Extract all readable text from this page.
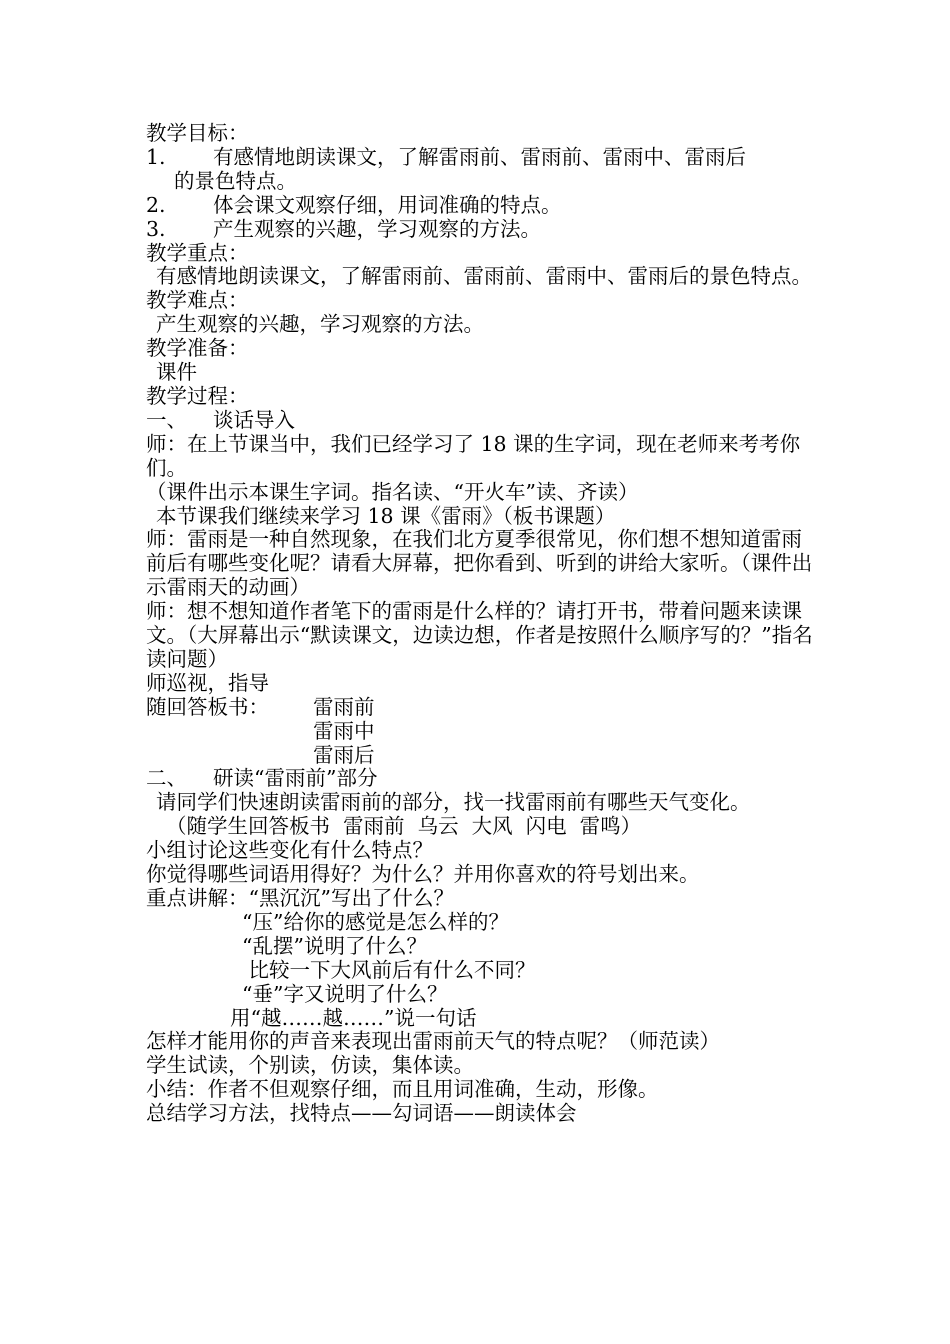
教学目标：
1. 有感情地朗读课文，了解雷雨前、雷雨前、雷雨中、雷雨后
的景色特点。
2. 体会课文观察仔细，用词准确的特点。
3. 产生观察的兴趣，学习观察的方法。
教学重点：
有感情地朗读课文，了解雷雨前、雷雨前、雷雨中、雷雨后的景色特点。
教学难点：
产生观察的兴趣，学习观察的方法。
教学准备：
课件
教学过程：
一、 谈话导入
师：在上节课当中，我们已经学习了 18 课的生字词，现在老师来考考你们。
（课件出示本课生字词。指名读、“开火车”读、齐读）
本节课我们继续来学习 18 课《雷雨》（板书课题）
师：雷雨是一种自然现象，在我们北方夏季很常见，你们想不想知道雷雨前后有哪些变化呢？请看大屏幕，把你看到、听到的讲给大家听。（课件出示雷雨天的动画）
师：想不想知道作者笔下的雷雨是什么样的？请打开书，带着问题来读课文。（大屏幕出示“默读课文，边读边想，作者是按照什么顺序写的？”指名读问题）
师巡视，指导
随回答板书： 雷雨前
雷雨中
雷雨后
二、 研读“雷雨前”部分
请同学们快速朗读雷雨前的部分，找一找雷雨前有哪些天气变化。
（随学生回答板书  雷雨前  乌云  大风  闪电  雷鸣）
小组讨论这些变化有什么特点？
你觉得哪些词语用得好？为什么？并用你喜欢的符号划出来。
重点讲解：“黑沉沉”写出了什么？
“压”给你的感觉是怎么样的？
“乱摆”说明了什么？
比较一下大风前后有什么不同？
“垂”字又说明了什么？
用“越……越……”说一句话
怎样才能用你的声音来表现出雷雨前天气的特点呢？（师范读）
学生试读，个别读，仿读，集体读。
小结：作者不但观察仔细，而且用词准确，生动，形像。
总结学习方法，找特点——勾词语——朗读体会
